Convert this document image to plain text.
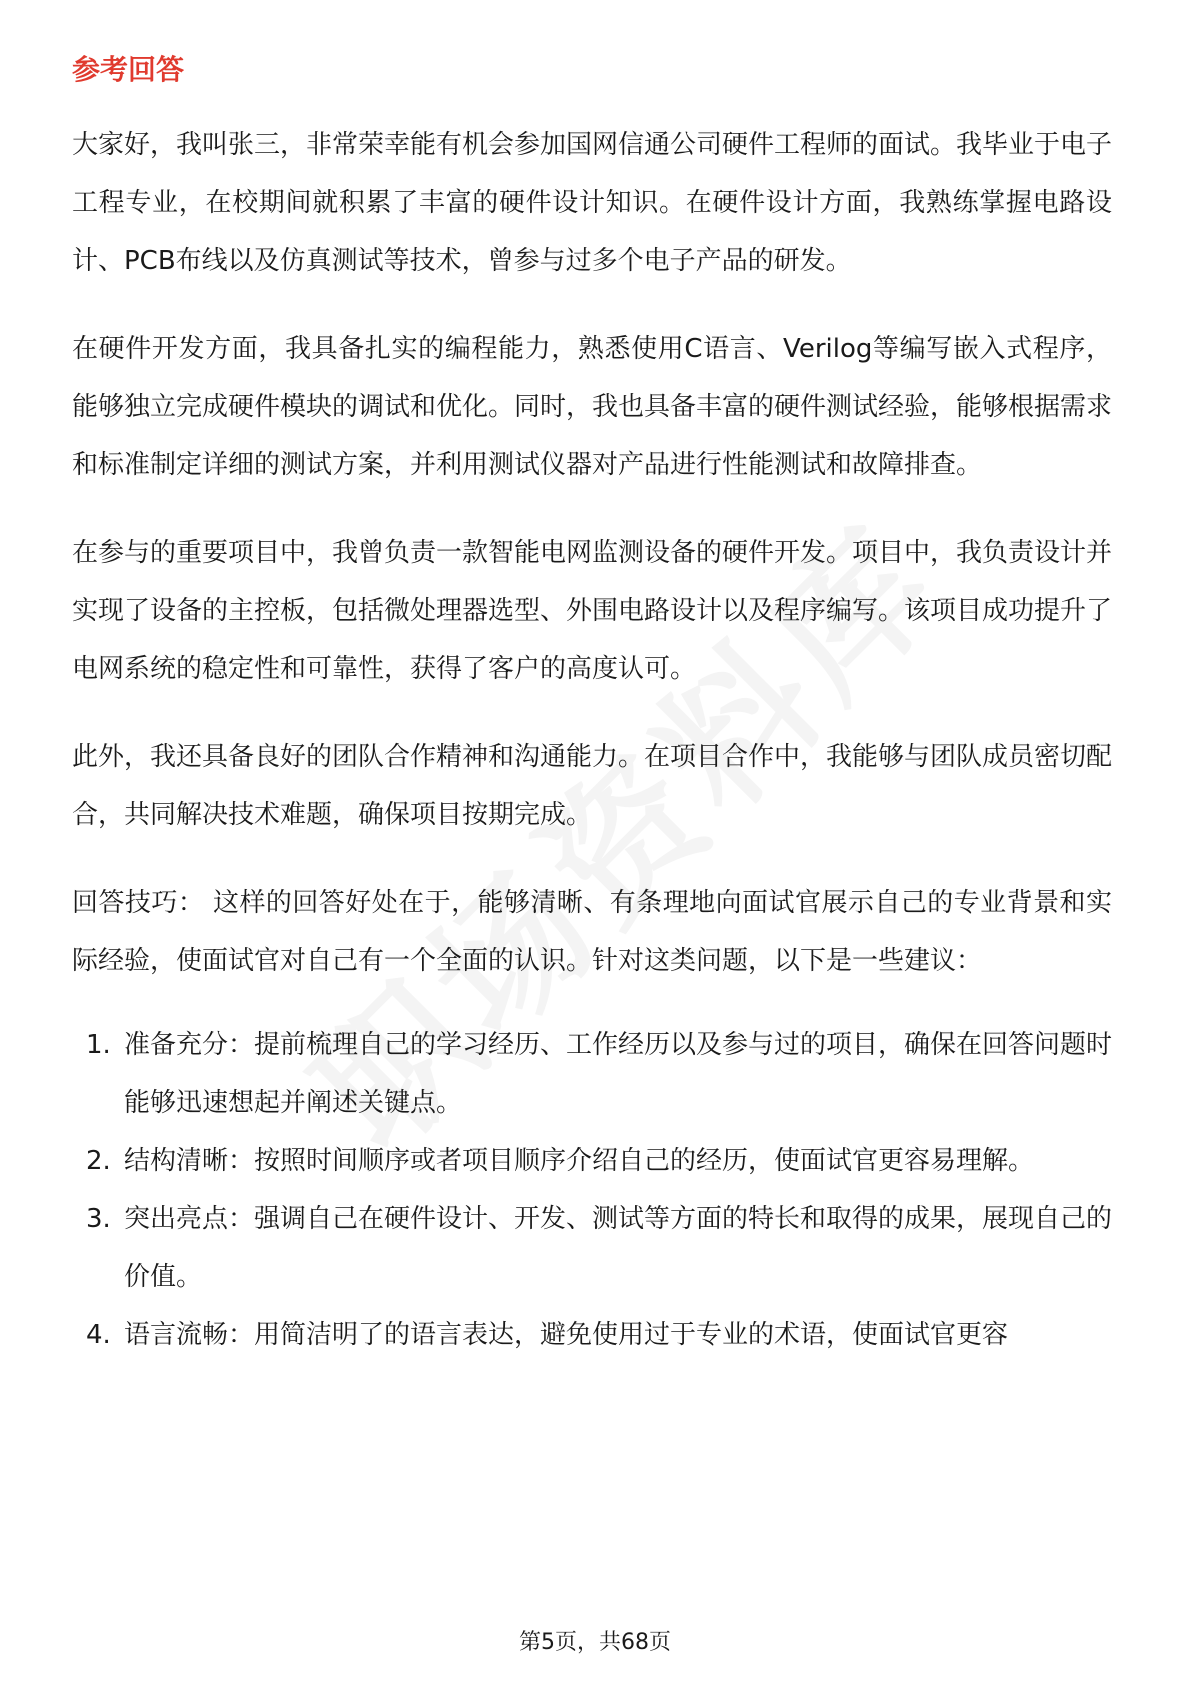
参考回答

大家好，我叫张三，非常荣幸能有机会参加国网信通公司硬件工程师的面试。我毕业于电子工程专业，在校期间就积累了丰富的硬件设计知识。在硬件设计方面，我熟练掌握电路设计、PCB布线以及仿真测试等技术，曾参与过多个电子产品的研发。

在硬件开发方面，我具备扎实的编程能力，熟悉使用C语言、Verilog等编写嵌入式程序，能够独立完成硬件模块的调试和优化。同时，我也具备丰富的硬件测试经验，能够根据需求和标准制定详细的测试方案，并利用测试仪器对产品进行性能测试和故障排查。

在参与的重要项目中，我曾负责一款智能电网监测设备的硬件开发。项目中，我负责设计并实现了设备的主控板，包括微处理器选型、外围电路设计以及程序编写。该项目成功提升了电网系统的稳定性和可靠性，获得了客户的高度认可。

此外，我还具备良好的团队合作精神和沟通能力。在项目合作中，我能够与团队成员密切配合，共同解决技术难题，确保项目按期完成。

回答技巧： 这样的回答好处在于，能够清晰、有条理地向面试官展示自己的专业背景和实际经验，使面试官对自己有一个全面的认识。针对这类问题，以下是一些建议：

1. 准备充分：提前梳理自己的学习经历、工作经历以及参与过的项目，确保在回答问题时能够迅速想起并阐述关键点。
2. 结构清晰：按照时间顺序或者项目顺序介绍自己的经历，使面试官更容易理解。
3. 突出亮点：强调自己在硬件设计、开发、测试等方面的特长和取得的成果，展现自己的价值。
4. 语言流畅：用简洁明了的语言表达，避免使用过于专业的术语，使面试官更容
第5页，共68页
